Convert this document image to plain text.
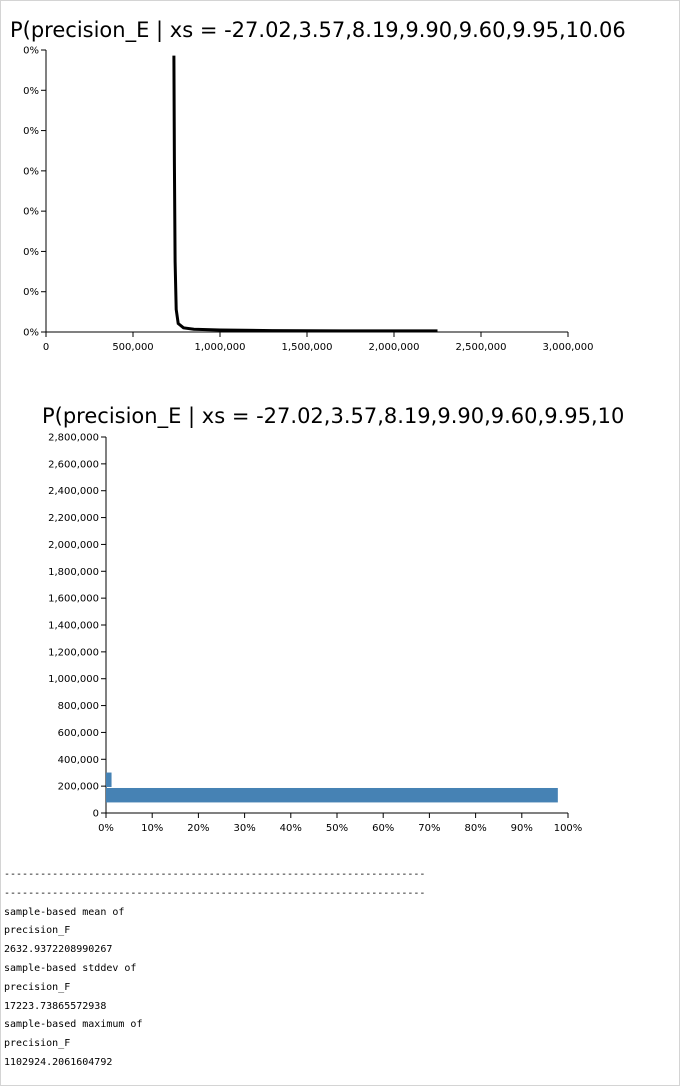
P(precision_E | xs = -27.02,3.57,8.19,9.90,9.60,9.95,10.06
0%
0%
0%
0%
0%
0%
0%
0%
0	500,000	1,000,000	1,500,000	2,000,000	2,500,000	3,000,000
P(precision_E | xs = -27.02,3.57,8.19,9.90,9.60,9.95,10
0
200,000
400,000
600,000
800,000
1,000,000
1,200,000
1,400,000
1,600,000
1,800,000
2,000,000
2,200,000
2,400,000
2,600,000
2,800,000
0%	10% 20% 30% 40% 50% 60% 70% 80% 90% 100%
----------------------------------------------------------------------
----------------------------------------------------------------------
sample-based mean of
precision_F
2632.9372208990267
sample-based stddev of
precision_F
17223.73865572938
sample-based maximum of
precision_F
1102924.2061604792
